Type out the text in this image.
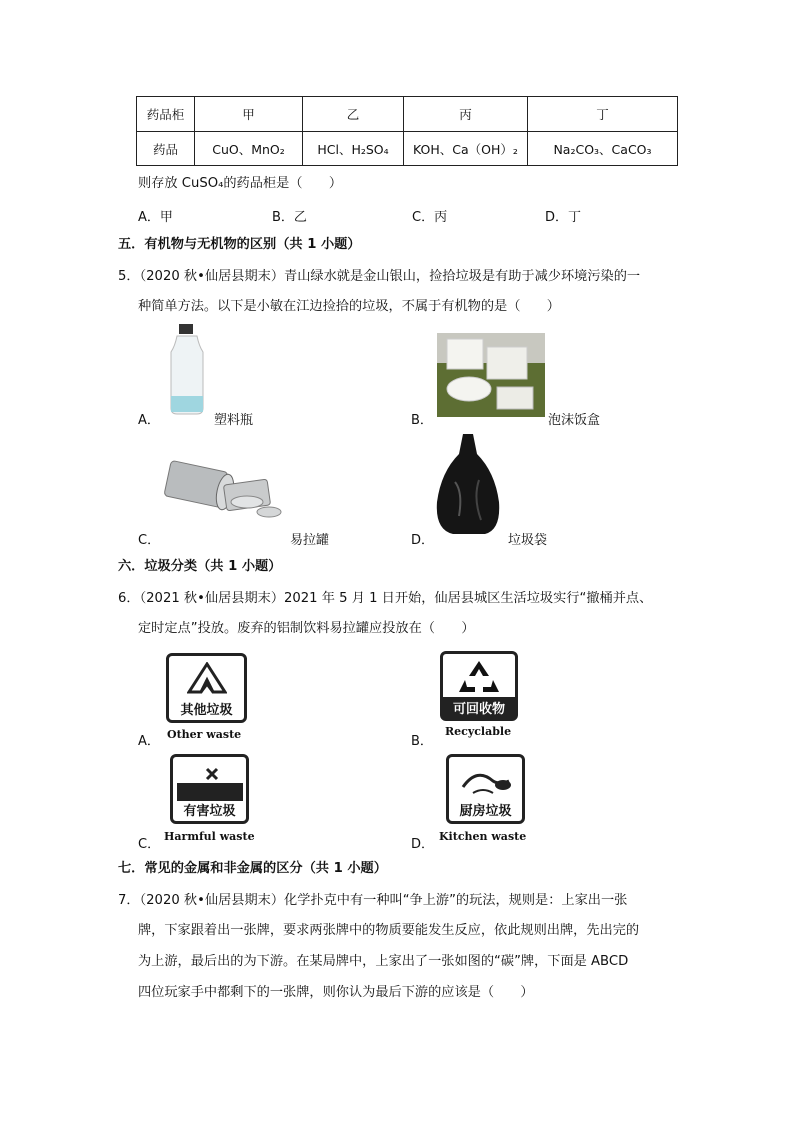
药品柜	甲	乙	丙	丁
药品	CuO、MnO₂	HCl、H₂SO₄	KOH、Ca（OH）₂	Na₂CO₃、CaCO₃
则存放 CuSO₄的药品柜是（　　）
A．甲	B．乙	C．丙	D．丁
五．有机物与无机物的区别（共 1 小题）
5．（2020 秋•仙居县期末）青山绿水就是金山银山，捡拾垃圾是有助于减少环境污染的一
种简单方法。以下是小敏在江边捡拾的垃圾，不属于有机物的是（　　）
A．	塑料瓶	B．	泡沫饭盒
C．	易拉罐	D．	垃圾袋
六．垃圾分类（共 1 小题）
6．（2021 秋•仙居县期末）2021 年 5 月 1 日开始，仙居县城区生活垃圾实行“撤桶并点、
定时定点”投放。废弃的铝制饮料易拉罐应投放在（　　）
A．
其他垃圾
Other waste	B．
可回收物
Recyclable
C．
有害垃圾
Harmful waste
D．
厨房垃圾
Kitchen waste
七．常见的金属和非金属的区分（共 1 小题）
7．（2020 秋•仙居县期末）化学扑克中有一种叫“争上游”的玩法，规则是：上家出一张
牌，下家跟着出一张牌，要求两张牌中的物质要能发生反应，依此规则出牌，先出完的
为上游，最后出的为下游。在某局牌中，上家出了一张如图的“碳”牌，下面是 ABCD
四位玩家手中都剩下的一张牌，则你认为最后下游的应该是（　　）
